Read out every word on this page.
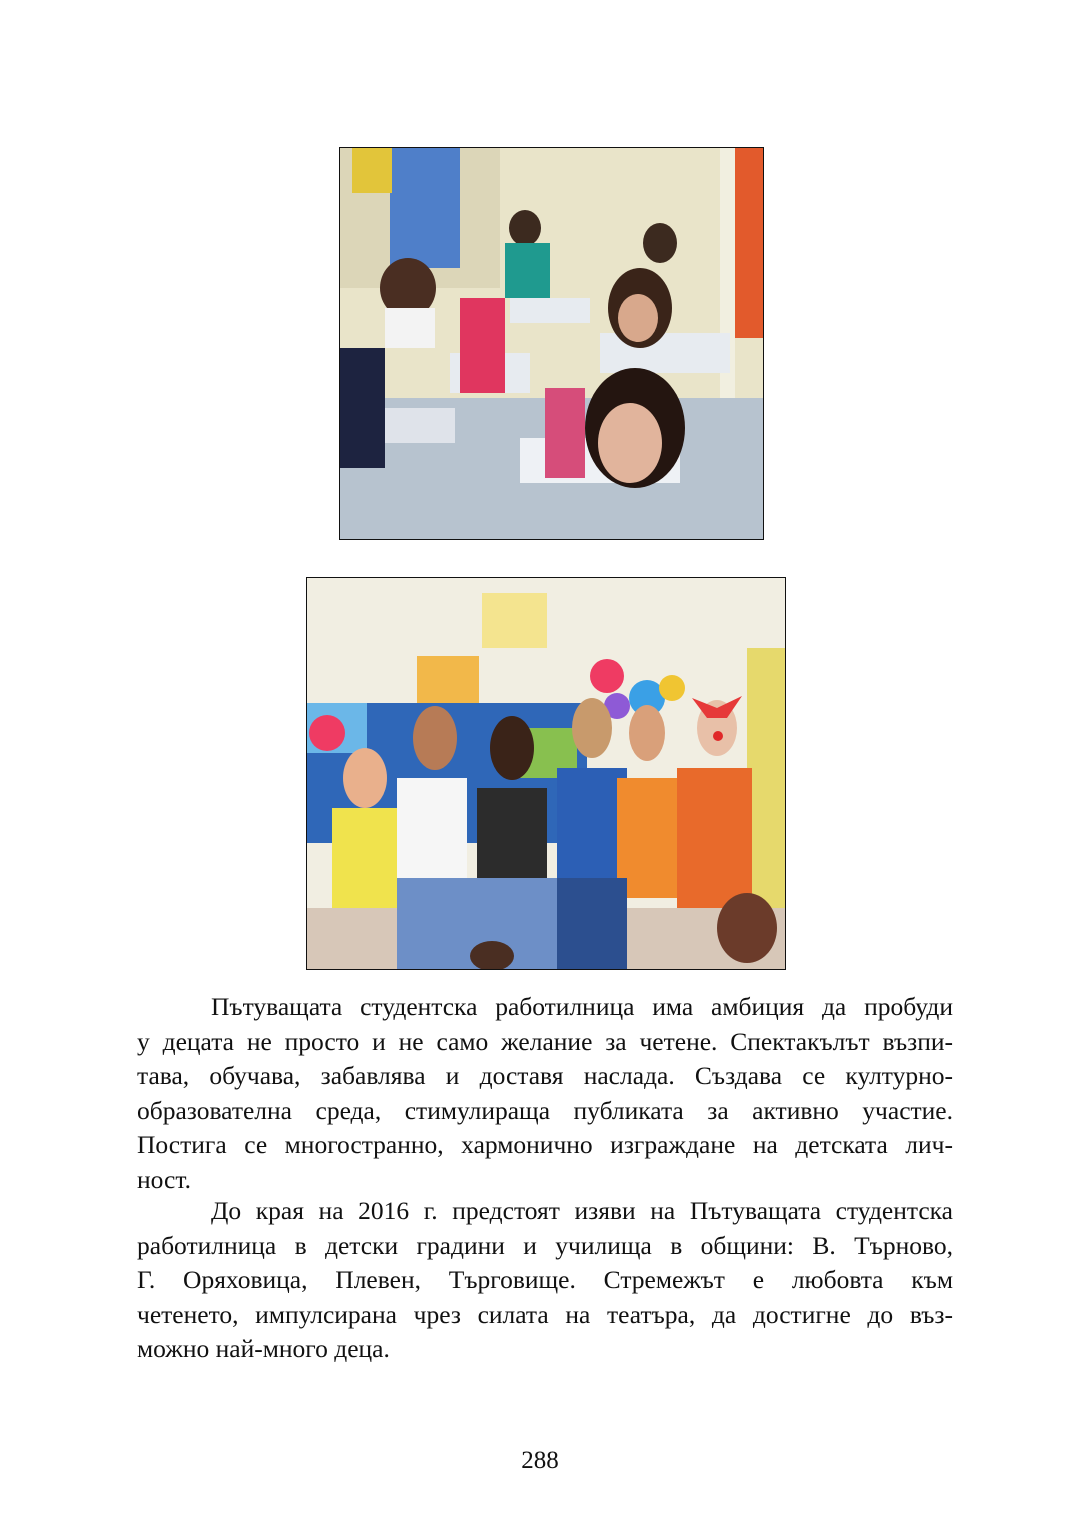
Пътуващата студентска работилница има амбиция да пробуди
у децата не просто и не само желание за четене. Спектакълът възпи-
тава, обучава, забавлява и доставя наслада. Създава се културно-
образователна среда, стимулираща публиката за активно участие.
Постига се многостранно, хармонично изграждане на детската лич-
ност.

До края на 2016 г. предстоят изяви на Пътуващата студентска
работилница в детски градини и училища в общини: В. Търново,
Г. Оряховица, Плевен, Търговище. Стремежът е любовта към
четенето, импулсирана чрез силата на театъра, да достигне до въз-
можно най-много деца.

288
